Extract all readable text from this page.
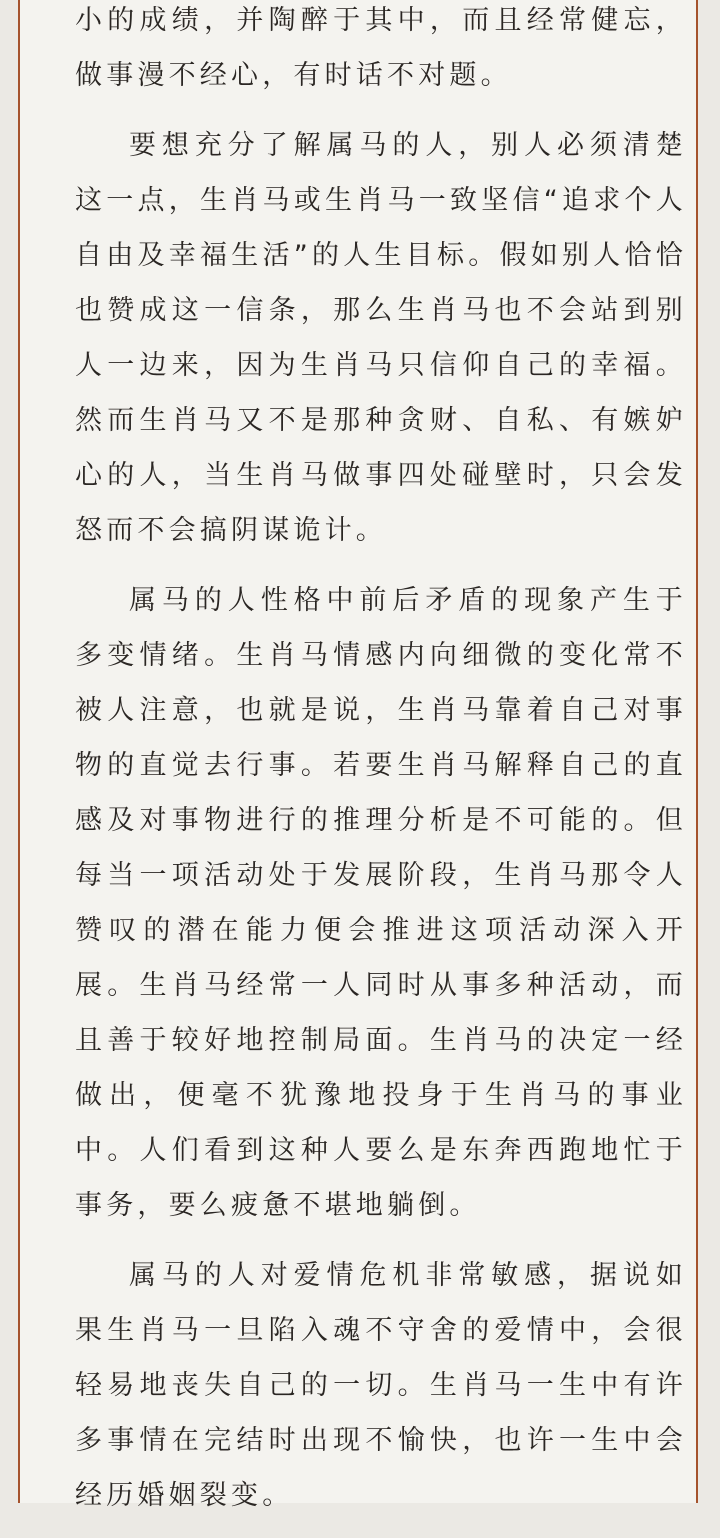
小的成绩，并陶醉于其中，而且经常健忘，做事漫不经心，有时话不对题。

要想充分了解属马的人，别人必须清楚这一点，生肖马或生肖马一致坚信“追求个人自由及幸福生活”的人生目标。假如别人恰恰也赞成这一信条，那么生肖马也不会站到别人一边来，因为生肖马只信仰自己的幸福。然而生肖马又不是那种贪财、自私、有嫉妒心的人，当生肖马做事四处碰壁时，只会发怒而不会搞阴谋诡计。

属马的人性格中前后矛盾的现象产生于多变情绪。生肖马情感内向细微的变化常不被人注意，也就是说，生肖马靠着自己对事物的直觉去行事。若要生肖马解释自己的直感及对事物进行的推理分析是不可能的。但每当一项活动处于发展阶段，生肖马那令人赞叹的潜在能力便会推进这项活动深入开展。生肖马经常一人同时从事多种活动，而且善于较好地控制局面。生肖马的决定一经做出，便毫不犹豫地投身于生肖马的事业中。人们看到这种人要么是东奔西跑地忙于事务，要么疲惫不堪地躺倒。

属马的人对爱情危机非常敏感，据说如果生肖马一旦陷入魂不守舍的爱情中，会很轻易地丧失自己的一切。生肖马一生中有许多事情在完结时出现不愉快，也许一生中会经历婚姻裂变。
